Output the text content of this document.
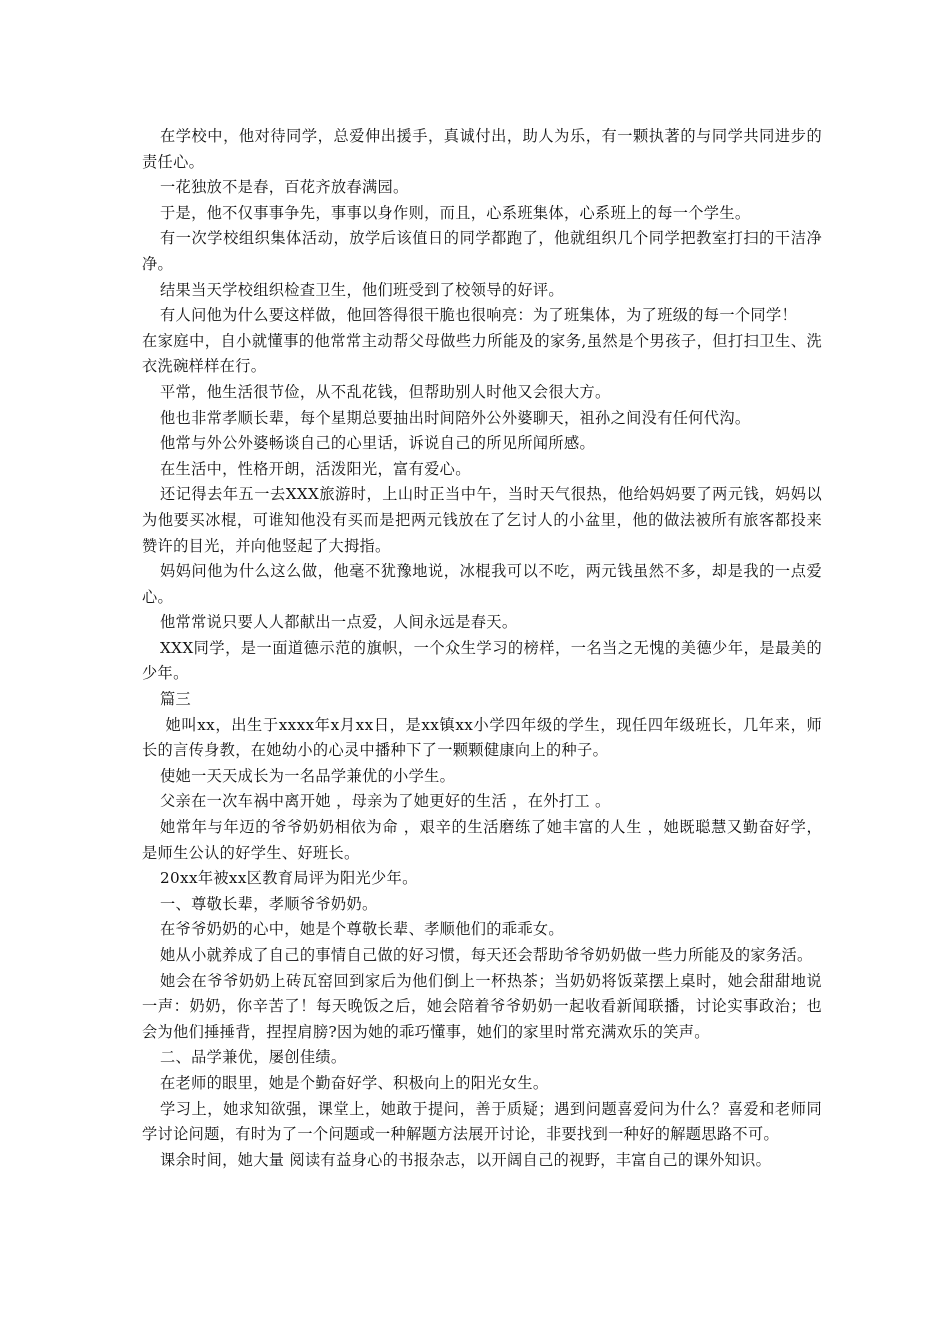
在学校中，他对待同学，总爱伸出援手，真诚付出，助人为乐，有一颗执著的与同学共同进步的责任心。

一花独放不是春，百花齐放春满园。

于是，他不仅事事争先，事事以身作则，而且，心系班集体，心系班上的每一个学生。

有一次学校组织集体活动，放学后该值日的同学都跑了，他就组织几个同学把教室打扫的干洁净净。

结果当天学校组织检查卫生，他们班受到了校领导的好评。

有人问他为什么要这样做，他回答得很干脆也很响亮：为了班集体，为了班级的每一个同学！

在家庭中，自小就懂事的他常常主动帮父母做些力所能及的家务,虽然是个男孩子，但打扫卫生、洗衣洗碗样样在行。

平常，他生活很节俭，从不乱花钱，但帮助别人时他又会很大方。

他也非常孝顺长辈，每个星期总要抽出时间陪外公外婆聊天，祖孙之间没有任何代沟。

他常与外公外婆畅谈自己的心里话，诉说自己的所见所闻所感。

在生活中，性格开朗，活泼阳光，富有爱心。

还记得去年五一去XXX旅游时，上山时正当中午，当时天气很热，他给妈妈要了两元钱，妈妈以为他要买冰棍，可谁知他没有买而是把两元钱放在了乞讨人的小盆里，他的做法被所有旅客都投来赞许的目光，并向他竖起了大拇指。

妈妈问他为什么这么做，他毫不犹豫地说，冰棍我可以不吃，两元钱虽然不多，却是我的一点爱心。

他常常说只要人人都献出一点爱，人间永远是春天。

XXX同学，是一面道德示范的旗帜，一个众生学习的榜样，一名当之无愧的美德少年，是最美的少年。

篇三

她叫xx，出生于xxxx年x月xx日，是xx镇xx小学四年级的学生，现任四年级班长，几年来，师长的言传身教，在她幼小的心灵中播种下了一颗颗健康向上的种子。

使她一天天成长为一名品学兼优的小学生。

父亲在一次车祸中离开她 ，母亲为了她更好的生活 ，在外打工 。

她常年与年迈的爷爷奶奶相依为命 ，艰辛的生活磨练了她丰富的人生 ，她既聪慧又勤奋好学，是师生公认的好学生、好班长。

20xx年被xx区教育局评为阳光少年。

一、尊敬长辈，孝顺爷爷奶奶。

在爷爷奶奶的心中，她是个尊敬长辈、孝顺他们的乖乖女。

她从小就养成了自己的事情自己做的好习惯，每天还会帮助爷爷奶奶做一些力所能及的家务活。

她会在爷爷奶奶上砖瓦窑回到家后为他们倒上一杯热茶；当奶奶将饭菜摆上桌时，她会甜甜地说一声：奶奶，你辛苦了！每天晚饭之后，她会陪着爷爷奶奶一起收看新闻联播，讨论实事政治；也会为他们捶捶背，捏捏肩膀?因为她的乖巧懂事，她们的家里时常充满欢乐的笑声。

二、品学兼优，屡创佳绩。

在老师的眼里，她是个勤奋好学、积极向上的阳光女生。

学习上，她求知欲强，课堂上，她敢于提问，善于质疑；遇到问题喜爱问为什么？喜爱和老师同学讨论问题，有时为了一个问题或一种解题方法展开讨论，非要找到一种好的解题思路不可。

课余时间，她大量 阅读有益身心的书报杂志，以开阔自己的视野，丰富自己的课外知识。
